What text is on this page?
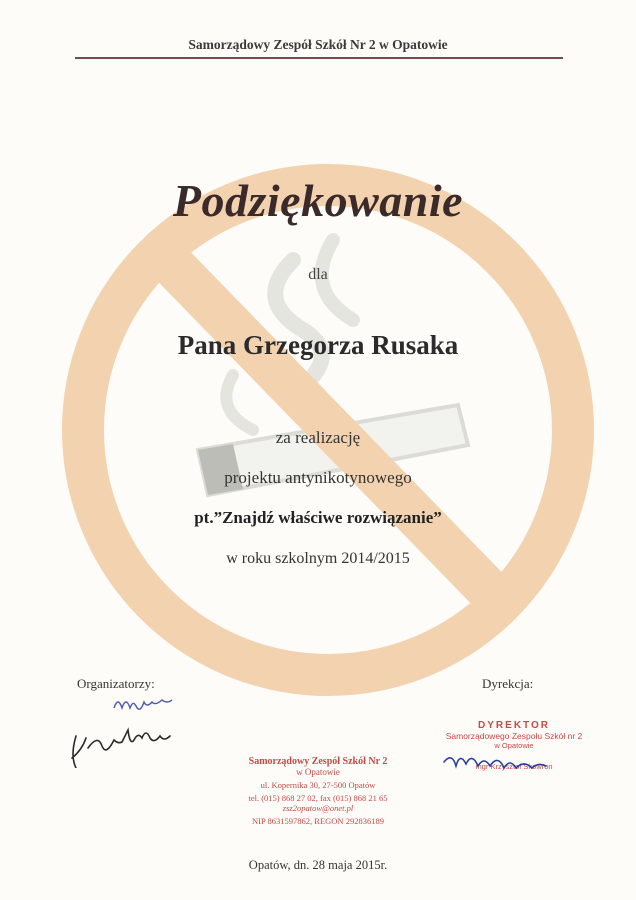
Samorządowy Zespół Szkół Nr 2 w Opatowie
Podziękowanie
dla
Pana Grzegorza Rusaka
za realizację
projektu antynikotynowego
pt.”Znajdź właściwe rozwiązanie”
w roku szkolnym 2014/2015
Organizatorzy:	Dyrekcja:
Samorządowy Zespół Szkół Nr 2
w Opatowie
ul. Kopernika 30, 27-500 Opatów
tel. (015) 868 27 02, fax (015) 868 21 65
zsz2opatow@onet.pl
NIP 8631597862, REGON 292836189
DYREKTOR
Samorządowego Zespołu Szkół nr 2
w Opatowie
mgr Krzysztof Skowron
Opatów, dn. 28 maja 2015r.
